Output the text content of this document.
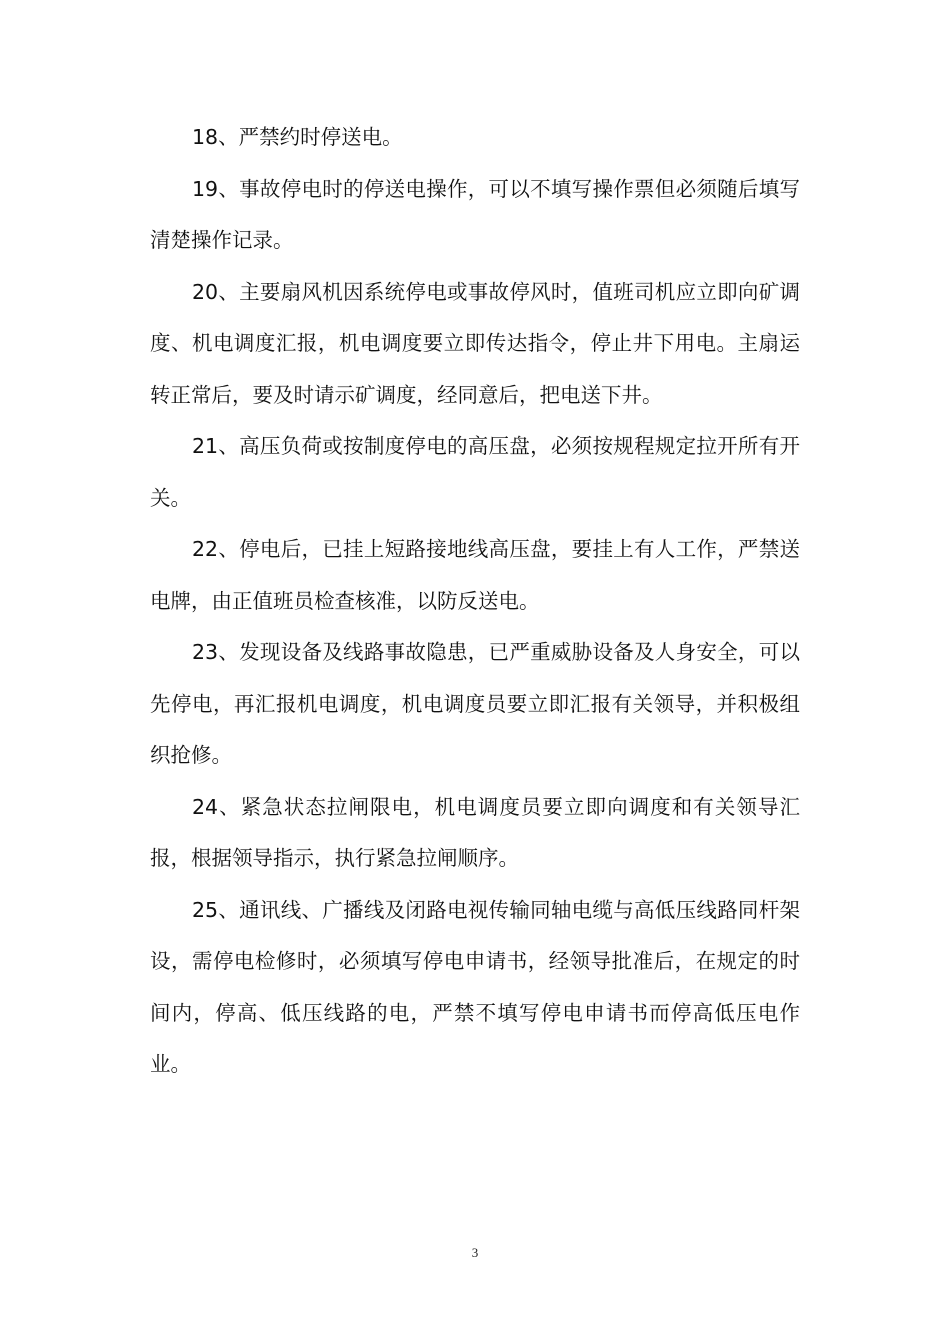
18、严禁约时停送电。

19、事故停电时的停送电操作，可以不填写操作票但必须随后填写清楚操作记录。

20、主要扇风机因系统停电或事故停风时，值班司机应立即向矿调度、机电调度汇报，机电调度要立即传达指令，停止井下用电。主扇运转正常后，要及时请示矿调度，经同意后，把电送下井。

21、高压负荷或按制度停电的高压盘，必须按规程规定拉开所有开关。

22、停电后，已挂上短路接地线高压盘，要挂上有人工作，严禁送电牌，由正值班员检查核准，以防反送电。

23、发现设备及线路事故隐患，已严重威胁设备及人身安全，可以先停电，再汇报机电调度，机电调度员要立即汇报有关领导，并积极组织抢修。

24、紧急状态拉闸限电，机电调度员要立即向调度和有关领导汇报，根据领导指示，执行紧急拉闸顺序。

25、通讯线、广播线及闭路电视传输同轴电缆与高低压线路同杆架设，需停电检修时，必须填写停电申请书，经领导批准后，在规定的时间内，停高、低压线路的电，严禁不填写停电申请书而停高低压电作业。

3
